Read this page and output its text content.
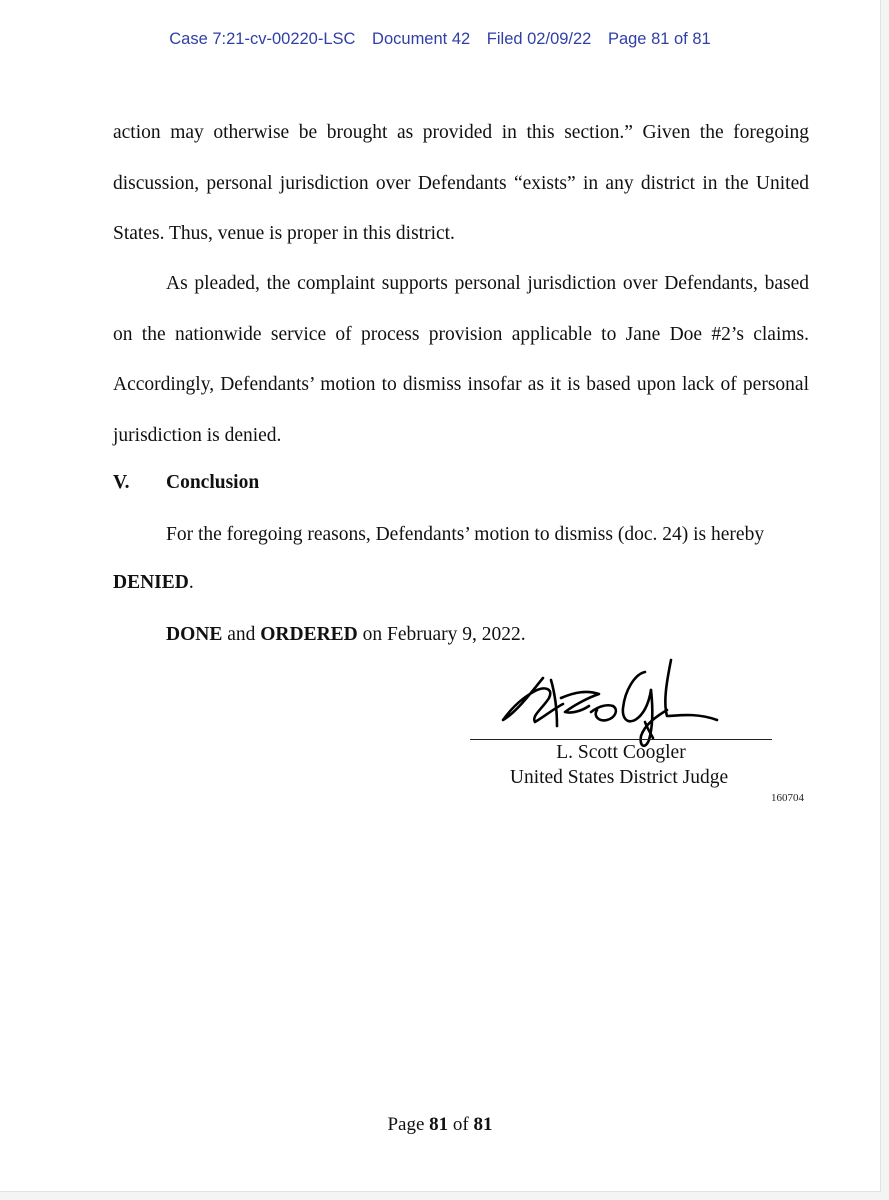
Case 7:21-cv-00220-LSC Document 42 Filed 02/09/22 Page 81 of 81

action may otherwise be brought as provided in this section.” Given the foregoing discussion, personal jurisdiction over Defendants “exists” in any district in the United States. Thus, venue is proper in this district.

As pleaded, the complaint supports personal jurisdiction over Defendants, based on the nationwide service of process provision applicable to Jane Doe #2’s claims. Accordingly, Defendants’ motion to dismiss insofar as it is based upon lack of personal jurisdiction is denied.

V. Conclusion
For the foregoing reasons, Defendants’ motion to dismiss (doc. 24) is hereby
DENIED.
DONE and ORDERED on February 9, 2022.
L. Scott Coogler
United States District Judge
160704
Page 81 of 81
